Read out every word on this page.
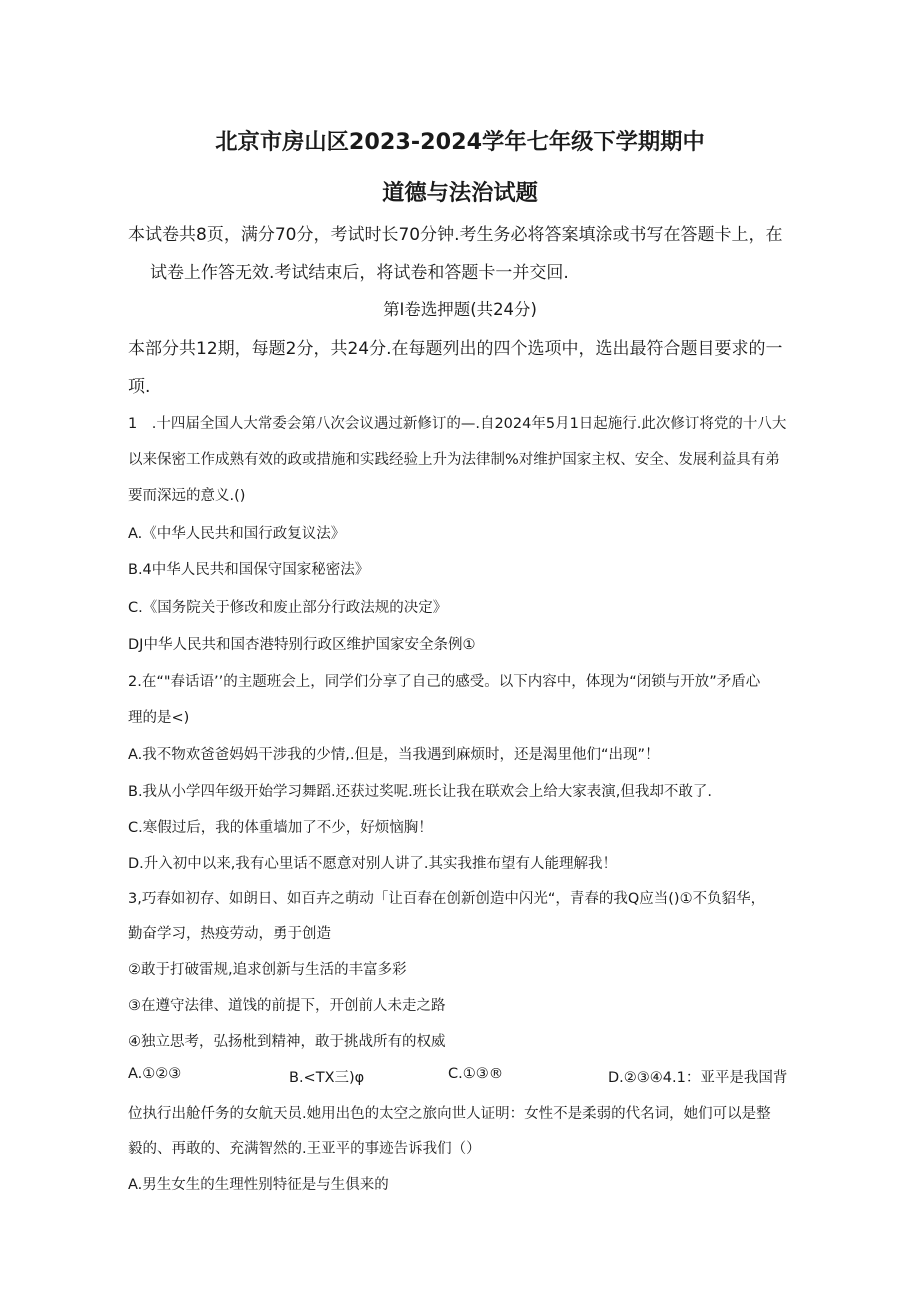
北京市房山区2023-2024学年七年级下学期期中
道德与法治试题
本试卷共8页，满分70分，考试时长70分钟.考生务必将答案填涂或书写在答题卡上，在
试卷上作答无效.考试结束后，将试卷和答题卡一并交回.
第I卷选押题(共24分)
本部分共12期，每题2分，共24分.在每题列出的四个选项中，选出最符合题目要求的一
项.
1　.十四届全国人大常委会第八次会议遇过新修订的—.自2024年5月1日起施行.此次修订将党的十八大
以来保密工作成熟有效的政或措施和实践经验上升为法律制%对维护国家主权、安全、发展利益具有弟
要而深远的意义.()
A.《中华人民共和国行政复议法》
B.4中华人民共和国保守国家秘密法》
C.《国务院关于修改和废止部分行政法规的决定》
DJ中华人民共和国杏港特别行政区维护国家安全条例①
2.在“"春话语’’的主题班会上，同学们分享了自己的感受。以下内容中，体现为“闭锁与开放”矛盾心
理的是<)
A.我不物欢爸爸妈妈干涉我的少情,.但是，当我遇到麻烦时，还是渴里他们“出现”！
B.我从小学四年级开始学习舞蹈.还获过奖呢.班长让我在联欢会上给大家表演,但我却不敢了.
C.寒假过后，我的体重墙加了不少，好烦恼胸！
D.升入初中以来,我有心里话不愿意对别人讲了.其实我推布望有人能理解我！
3,巧春如初存、如朗日、如百卉之萌动「让百春在创新创造中闪光“，青春的我Q应当()①不负貂华，
勤奋学习，热疫劳动，勇于创造
②敢于打破雷规,追求创新与生活的丰富多彩
③在遵守法律、道饯的前提下，开创前人未走之路
④独立思考，弘扬枇到精神，敢于挑战所有的权威
A.①②③	B.<TX三)φ	C.①③®	D.②③④4.1：亚平是我国背
位执行出舱仟务的女航天员.她用出色的太空之旅向世人证明：女性不是柔弱的代名词，她们可以是整
毅的、再敢的、充满智然的.王亚平的事迹告诉我们（）
A.男生女生的生理性别特征是与生俱来的
